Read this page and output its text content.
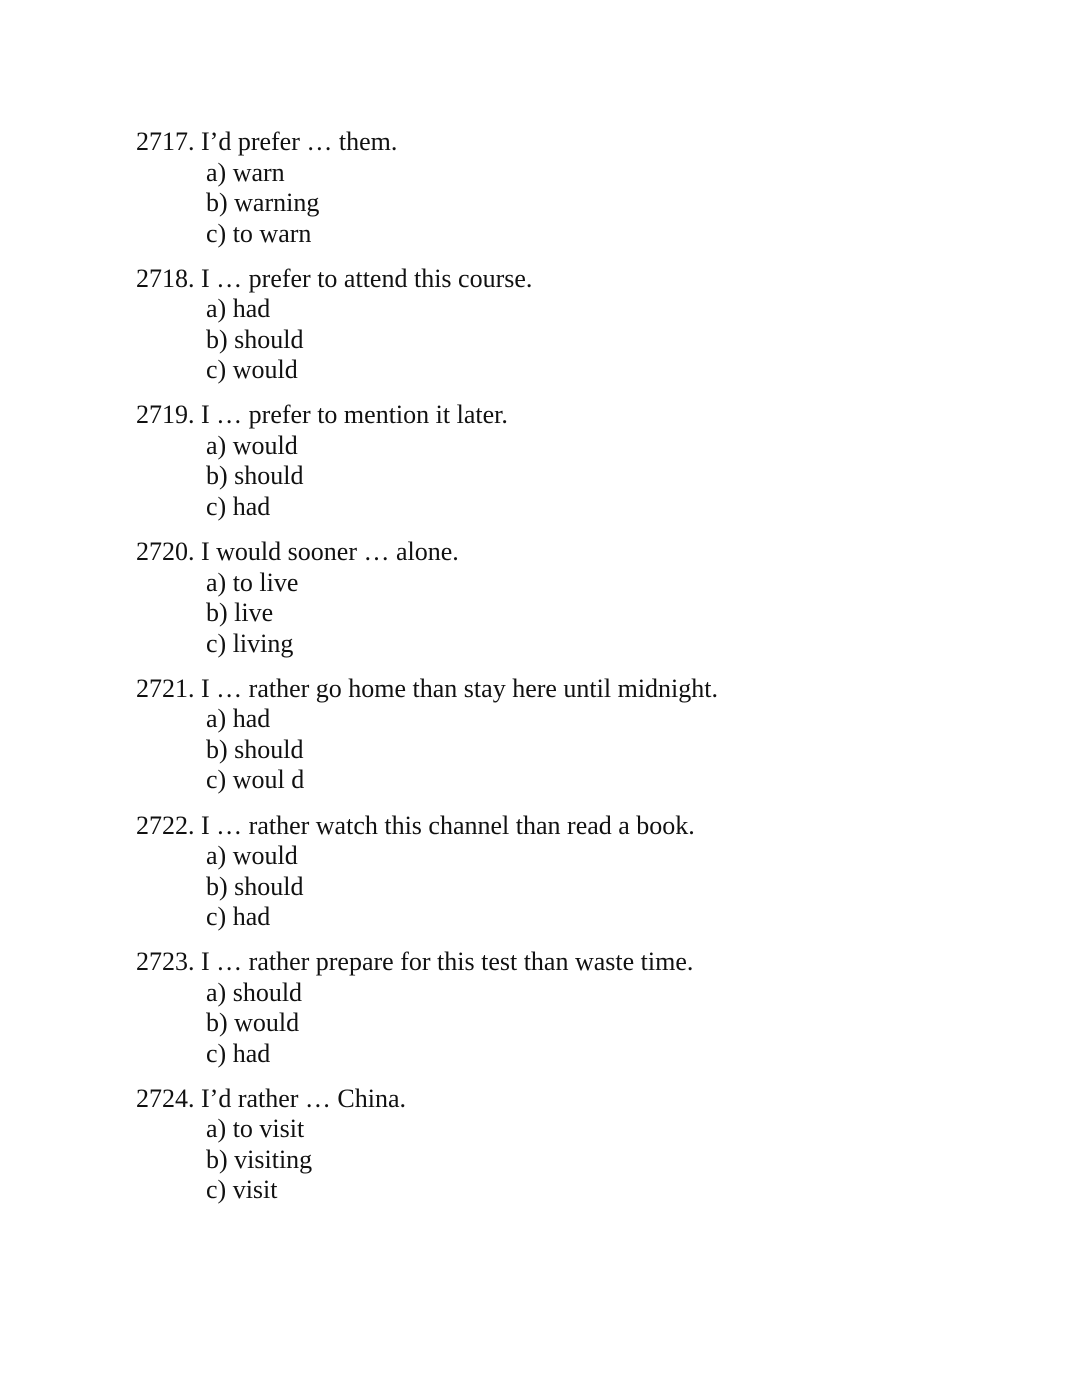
2717. I’d prefer … them.
a) warn
b) warning
c) to warn
2718. I … prefer to attend this course.
a) had
b) should
c) would
2719. I … prefer to mention it later.
a) would
b) should
c) had
2720. I would sooner … alone.
a) to live
b) live
c) living
2721. I … rather go home than stay here until midnight.
a) had
b) should
c) woul d
2722. I … rather watch this channel than read a book.
a) would
b) should
c) had
2723. I … rather prepare for this test than waste time.
a) should
b) would
c) had
2724. I’d rather … China.
a) to visit
b) visiting
c) visit
